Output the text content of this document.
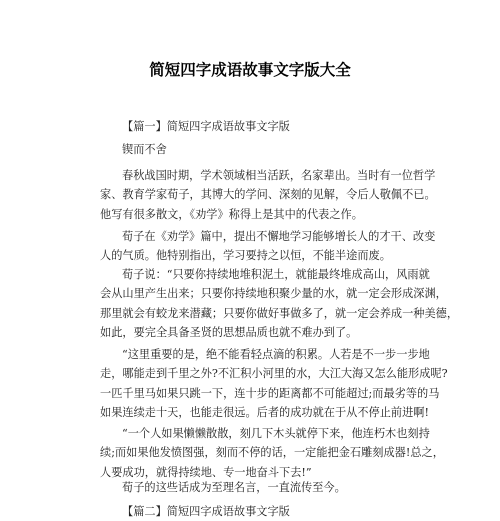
简短四字成语故事文字版大全
【篇一】简短四字成语故事文字版
锲而不舍
春秋战国时期，学术领域相当活跃，名家辈出。当时有一位哲学
家、教育学家荀子，其博大的学问、深刻的见解，令后人敬佩不已。
他写有很多散文，《劝学》称得上是其中的代表之作。
荀子在《劝学》篇中，提出不懈地学习能够增长人的才干、改变
人的气质。他特别指出，学习要持之以恒，不能半途而废。
荀子说：“只要你持续地堆积泥土，就能最终堆成高山，风雨就
会从山里产生出来；只要你持续地积聚少量的水，就一定会形成深渊，
那里就会有蛟龙来潜藏；只要你做好事做多了，就一定会养成一种美德，
如此，要完全具备圣贤的思想品质也就不难办到了。
“这里重要的是，绝不能看轻点滴的积累。人若是不一步一步地
走，哪能走到千里之外?不汇积小河里的水，大江大海又怎么能形成呢?
一匹千里马如果只跳一下，连十步的距离都不可能超过;而最劣等的马
如果连续走十天，也能走很远。后者的成功就在于从不停止前进啊!
“一个人如果懒懒散散，刻几下木头就停下来，他连朽木也刻持
续;而如果他发愤图强，刻而不停的话，一定能把金石雕刻成器!总之，
人要成功，就得持续地、专一地奋斗下去!”
荀子的这些话成为至理名言，一直流传至今。
【篇二】简短四字成语故事文字版
